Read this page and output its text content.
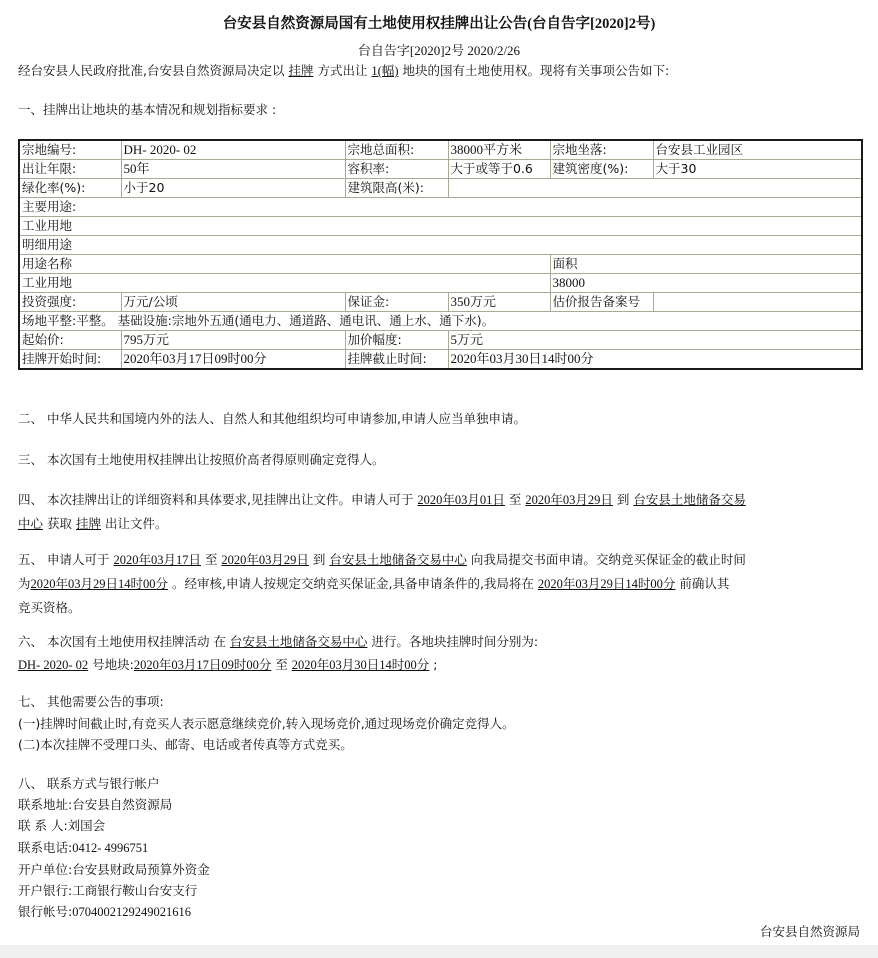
台安县自然资源局国有土地使用权挂牌出让公告(台自告字[2020]2号)
台自告字[2020]2号 2020/2/26
经台安县人民政府批准,台安县自然资源局决定以 挂牌 方式出让 1(幅) 地块的国有土地使用权。现将有关事项公告如下:
一、挂牌出让地块的基本情况和规划指标要求 :
宗地编号:	DH- 2020- 02	宗地总面积:	38000平方米	宗地坐落:	台安县工业园区
出让年限:	50年	容积率:	大于或等于0.6	建筑密度(%):	大于30
绿化率(%):	小于20	建筑限高(米):			
主要用途:					
工业用地					
明细用途					
用途名称				面积	
工业用地				38000	
投资强度:	万元/公顷	保证金:	350万元	估价报告备案号	
场地平整:平整。 基础设施:宗地外五通(通电力、通道路、通电讯、通上水、通下水)。					
起始价:	795万元	加价幅度:	5万元		
挂牌开始时间:	2020年03月17日09时00分	挂牌截止时间:	2020年03月30日14时00分		
二、 中华人民共和国境内外的法人、自然人和其他组织均可申请参加,申请人应当单独申请。
三、 本次国有土地使用权挂牌出让按照价高者得原则确定竞得人。
四、 本次挂牌出让的详细资料和具体要求,见挂牌出让文件。申请人可于 2020年03月01日 至 2020年03月29日 到 台安县土地储备交易
中心 获取 挂牌 出让文件。
五、 申请人可于 2020年03月17日 至 2020年03月29日 到 台安县土地储备交易中心 向我局提交书面申请。交纳竞买保证金的截止时间
为2020年03月29日14时00分 。经审核,申请人按规定交纳竞买保证金,具备申请条件的,我局将在 2020年03月29日14时00分 前确认其
竞买资格。
六、 本次国有土地使用权挂牌活动 在 台安县土地储备交易中心 进行。各地块挂牌时间分别为:
DH- 2020- 02 号地块:2020年03月17日09时00分 至 2020年03月30日14时00分 ;
七、 其他需要公告的事项:
(一)挂牌时间截止时,有竞买人表示愿意继续竞价,转入现场竞价,通过现场竞价确定竞得人。
(二)本次挂牌不受理口头、邮寄、电话或者传真等方式竞买。
八、 联系方式与银行帐户
联系地址:台安县自然资源局
联 系 人:刘国会
联系电话:0412- 4996751
开户单位:台安县财政局预算外资金
开户银行:工商银行鞍山台安支行
银行帐号:0704002129249021616
台安县自然资源局
